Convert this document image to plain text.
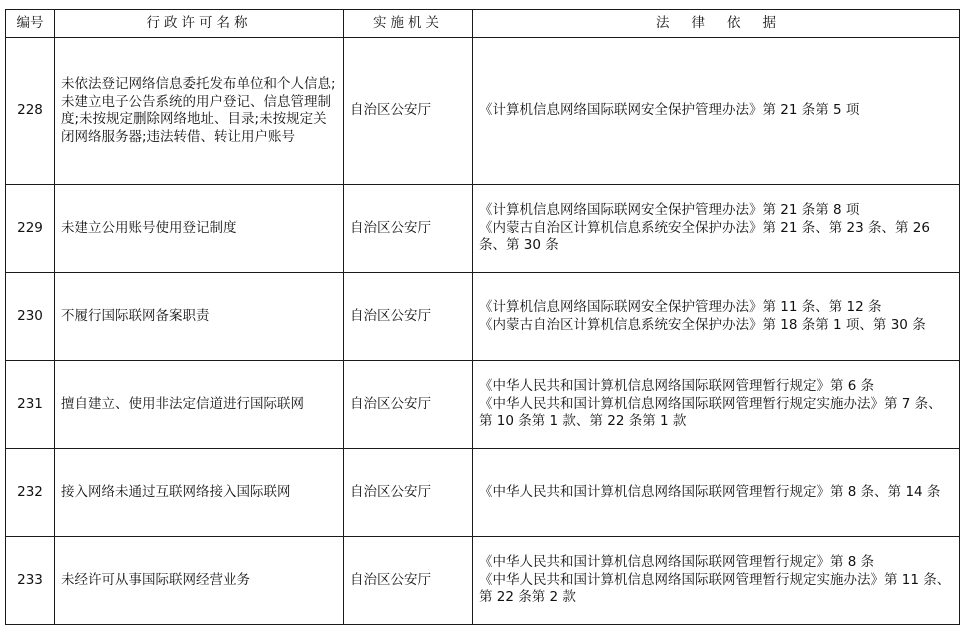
编号	行政许可名称	实施机关	法律依据
228	未依法登记网络信息委托发布单位和个人信息;未建立电子公告系统的用户登记、信息管理制度;未按规定删除网络地址、目录;未按规定关闭网络服务器;违法转借、转让用户账号	自治区公安厅	《计算机信息网络国际联网安全保护管理办法》第 21 条第 5 项

229	未建立公用账号使用登记制度	自治区公安厅	《计算机信息网络国际联网安全保护管理办法》第 21 条第 8 项
《内蒙古自治区计算机信息系统安全保护办法》第 21 条、第 23 条、第 26 条、第 30 条

230	不履行国际联网备案职责	自治区公安厅	《计算机信息网络国际联网安全保护管理办法》第 11 条、第 12 条
《内蒙古自治区计算机信息系统安全保护办法》第 18 条第 1 项、第 30 条

231	擅自建立、使用非法定信道进行国际联网	自治区公安厅	《中华人民共和国计算机信息网络国际联网管理暂行规定》第 6 条
《中华人民共和国计算机信息网络国际联网管理暂行规定实施办法》第 7 条、第 10 条第 1 款、第 22 条第 1 款

232	接入网络未通过互联网络接入国际联网	自治区公安厅	《中华人民共和国计算机信息网络国际联网管理暂行规定》第 8 条、第 14 条

233	未经许可从事国际联网经营业务	自治区公安厅	《中华人民共和国计算机信息网络国际联网管理暂行规定》第 8 条
《中华人民共和国计算机信息网络国际联网管理暂行规定实施办法》第 11 条、第 22 条第 2 款
